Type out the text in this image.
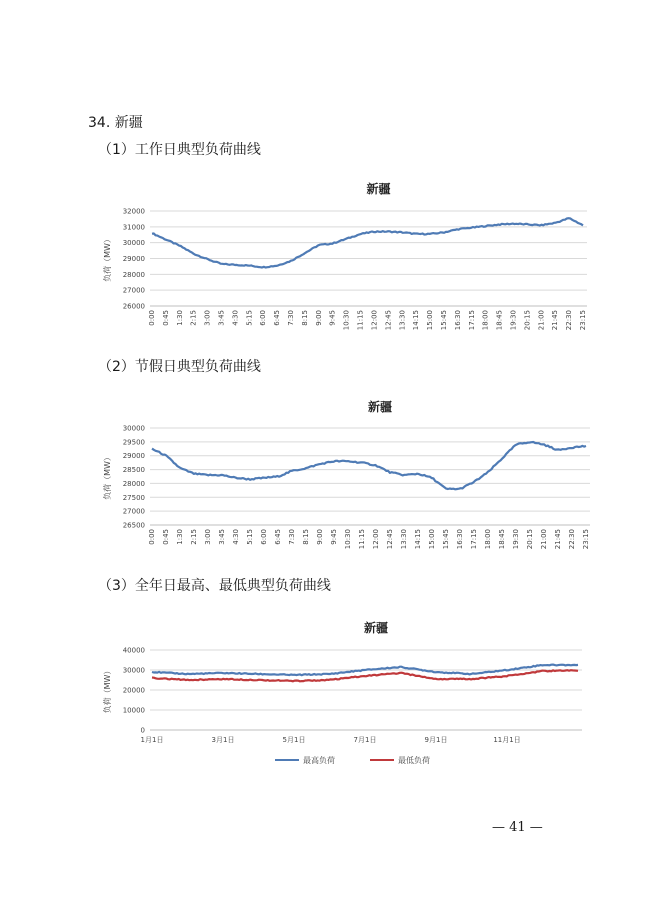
34. 新疆
（1）工作日典型负荷曲线
（2）节假日典型负荷曲线
（3）全年日最高、最低典型负荷曲线
新疆
负荷（MW）
32000
31000
30000
29000
28000
27000
26000
0:00 0:45 1:30 2:15 3:00 3:45 4:30 5:15 6:00 6:45 7:30 8:15 9:00 9:45 10:30 11:15 12:00 12:45 13:30 14:15 15:00 15:45 16:30 17:15 18:00 18:45 19:30 20:15 21:00 21:45 22:30 23:15
新疆
负荷（MW）
30000
29500
29000
28500
28000
27500
27000
26500
0:00 0:45 1:30 2:15 3:00 3:45 4:30 5:15 6:00 6:45 7:30 8:15 9:00 9:45 10:30 11:15 12:00 12:45 13:30 14:15 15:00 15:45 16:30 17:15 18:00 18:45 19:30 20:15 21:00 21:45 22:30 23:15
新疆
负荷（MW）
40000
30000
20000
10000
0
1月1日	3月1日	5月1日	7月1日	9月1日	11月1日
最高负荷	最低负荷
— 41 —
